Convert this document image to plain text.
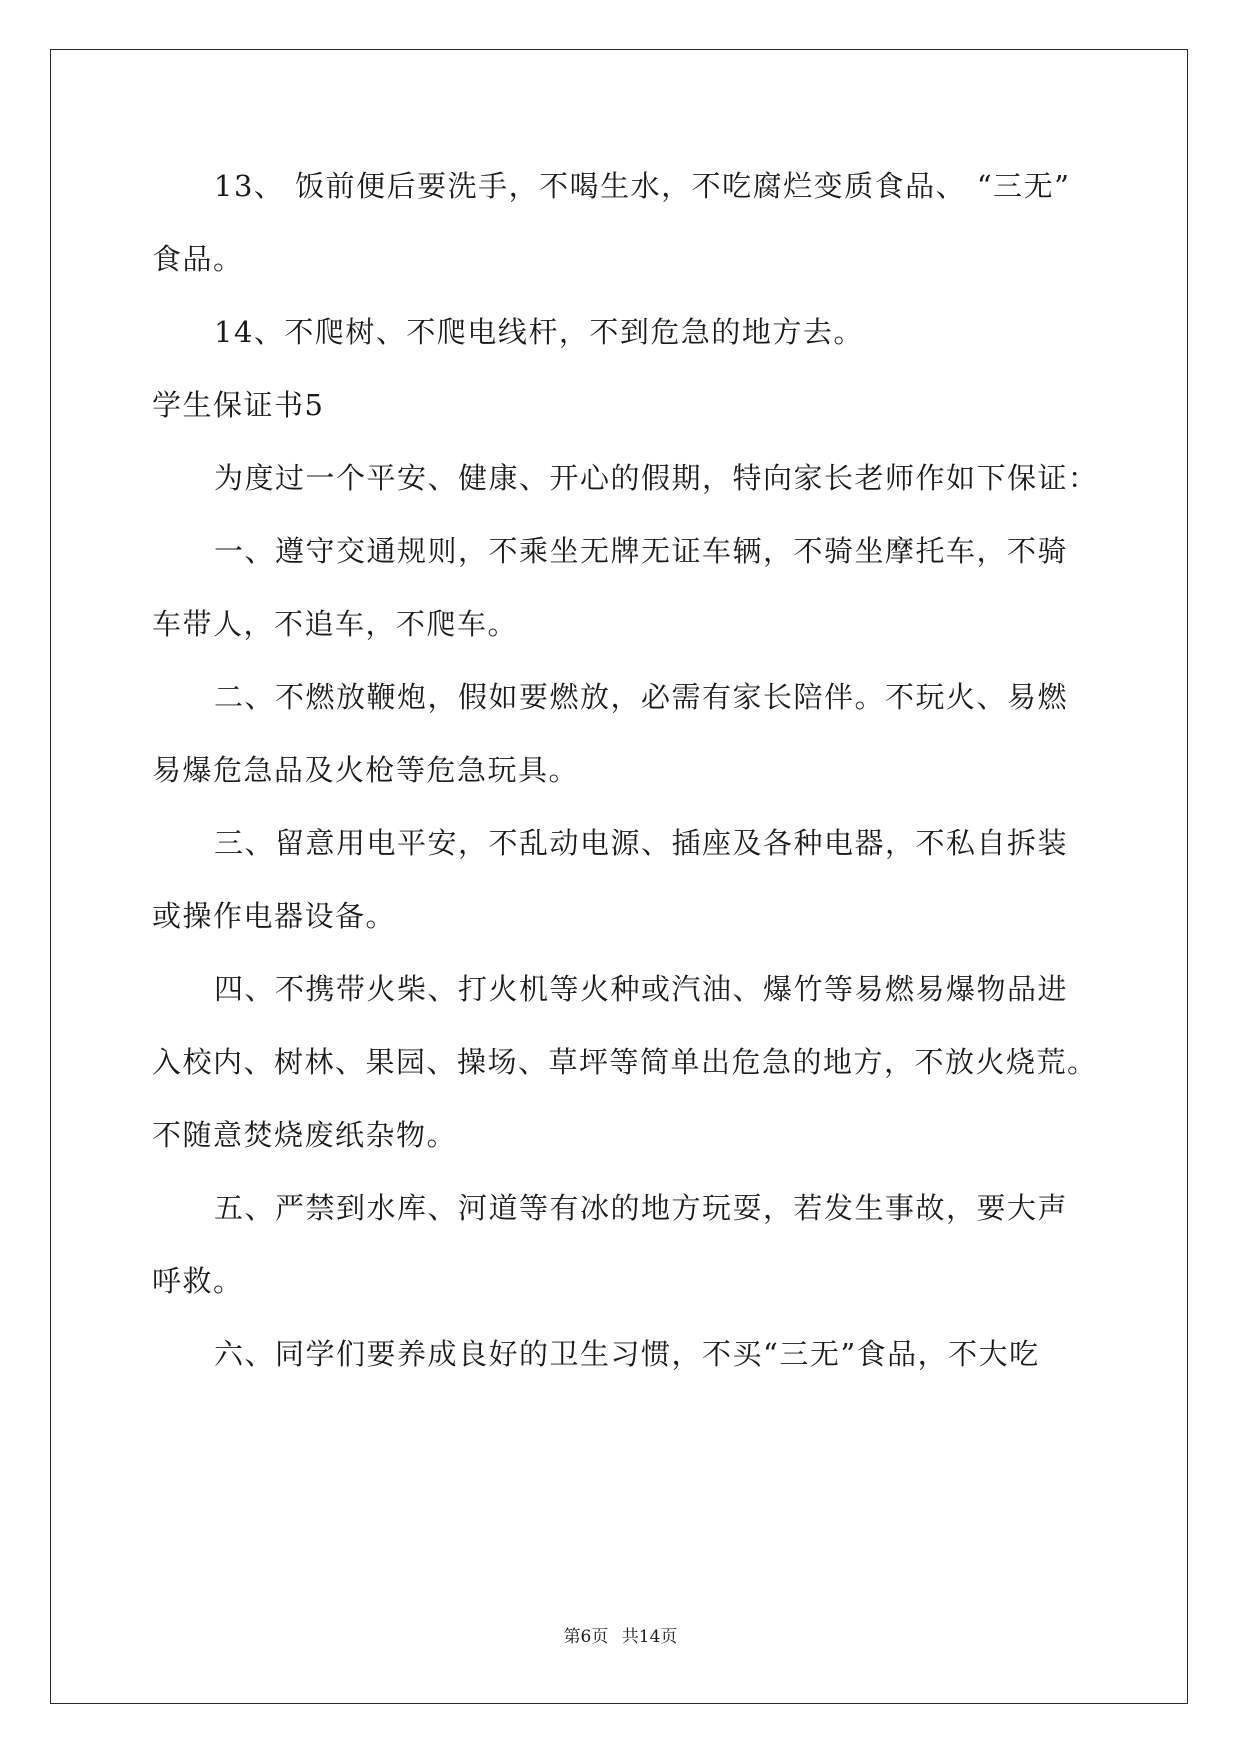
13、 饭前便后要洗手，不喝生水，不吃腐烂变质食品、 “三无”
食品。
14、不爬树、不爬电线杆，不到危急的地方去。
学生保证书5
为度过一个平安、健康、开心的假期，特向家长老师作如下保证：
一、遵守交通规则，不乘坐无牌无证车辆，不骑坐摩托车，不骑
车带人，不追车，不爬车。
二、不燃放鞭炮，假如要燃放，必需有家长陪伴。不玩火、易燃
易爆危急品及火枪等危急玩具。
三、留意用电平安，不乱动电源、插座及各种电器，不私自拆装
或操作电器设备。
四、不携带火柴、打火机等火种或汽油、爆竹等易燃易爆物品进
入校内、树林、果园、操场、草坪等简单出危急的地方，不放火烧荒。
不随意焚烧废纸杂物。
五、严禁到水库、河道等有冰的地方玩耍，若发生事故，要大声
呼救。
六、同学们要养成良好的卫生习惯，不买“三无”食品，不大吃
第6页 共14页
